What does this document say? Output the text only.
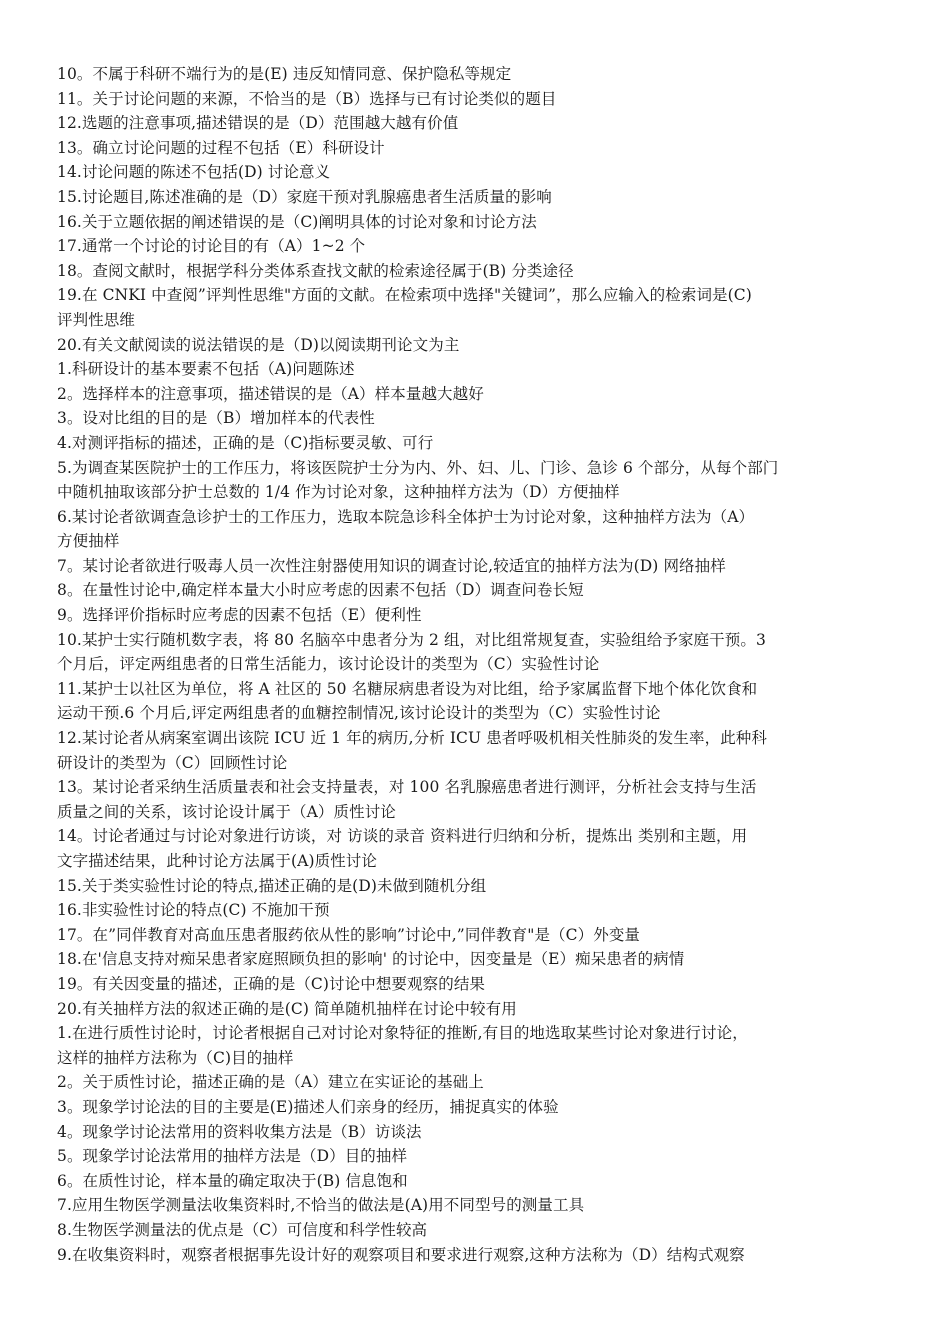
10。不属于科研不端行为的是(E) 违反知情同意、保护隐私等规定
11。关于讨论问题的来源，不恰当的是（B）选择与已有讨论类似的题目
12.选题的注意事项,描述错误的是（D）范围越大越有价值
13。确立讨论问题的过程不包括（E）科研设计
14.讨论问题的陈述不包括(D) 讨论意义
15.讨论题目,陈述准确的是（D）家庭干预对乳腺癌患者生活质量的影响
16.关于立题依据的阐述错误的是（C)阐明具体的讨论对象和讨论方法
17.通常一个讨论的讨论目的有（A）1~2 个
18。查阅文献时，根据学科分类体系查找文献的检索途径属于(B) 分类途径
19.在 CNKI 中查阅”评判性思维"方面的文献。在检索项中选择"关键词”，那么应输入的检索词是(C)
评判性思维
20.有关文献阅读的说法错误的是（D)以阅读期刊论文为主
1.科研设计的基本要素不包括（A)问题陈述
2。选择样本的注意事项，描述错误的是（A）样本量越大越好
3。设对比组的目的是（B）增加样本的代表性
4.对测评指标的描述，正确的是（C)指标要灵敏、可行
5.为调查某医院护士的工作压力，将该医院护士分为内、外、妇、儿、门诊、急诊 6 个部分，从每个部门
中随机抽取该部分护士总数的 1/4 作为讨论对象，这种抽样方法为（D）方便抽样
6.某讨论者欲调查急诊护士的工作压力，选取本院急诊科全体护士为讨论对象，这种抽样方法为（A）
方便抽样
7。某讨论者欲进行吸毒人员一次性注射器使用知识的调查讨论,较适宜的抽样方法为(D) 网络抽样
8。在量性讨论中,确定样本量大小时应考虑的因素不包括（D）调查问卷长短
9。选择评价指标时应考虑的因素不包括（E）便利性
10.某护士实行随机数字表，将 80 名脑卒中患者分为 2 组，对比组常规复查，实验组给予家庭干预。3
个月后，评定两组患者的日常生活能力，该讨论设计的类型为（C）实验性讨论
11.某护士以社区为单位，将 A 社区的 50 名糖尿病患者设为对比组，给予家属监督下地个体化饮食和
运动干预.6 个月后,评定两组患者的血糖控制情况,该讨论设计的类型为（C）实验性讨论
12.某讨论者从病案室调出该院 ICU 近 1 年的病历,分析 ICU 患者呼吸机相关性肺炎的发生率，此种科
研设计的类型为（C）回顾性讨论
13。某讨论者采纳生活质量表和社会支持量表，对 100 名乳腺癌患者进行测评，分析社会支持与生活
质量之间的关系，该讨论设计属于（A）质性讨论
14。讨论者通过与讨论对象进行访谈，对 访谈的录音 资料进行归纳和分析，提炼出 类别和主题，用
文字描述结果，此种讨论方法属于(A)质性讨论
15.关于类实验性讨论的特点,描述正确的是(D)未做到随机分组
16.非实验性讨论的特点(C) 不施加干预
17。在”同伴教育对高血压患者服药依从性的影响”讨论中,”同伴教育"是（C）外变量
18.在'信息支持对痴呆患者家庭照顾负担的影响' 的讨论中，因变量是（E）痴呆患者的病情
19。有关因变量的描述，正确的是（C)讨论中想要观察的结果
20.有关抽样方法的叙述正确的是(C) 简单随机抽样在讨论中较有用
1.在进行质性讨论时，讨论者根据自己对讨论对象特征的推断,有目的地选取某些讨论对象进行讨论，
这样的抽样方法称为（C)目的抽样
2。关于质性讨论，描述正确的是（A）建立在实证论的基础上
3。现象学讨论法的目的主要是(E)描述人们亲身的经历，捕捉真实的体验
4。现象学讨论法常用的资料收集方法是（B）访谈法
5。现象学讨论法常用的抽样方法是（D）目的抽样
6。在质性讨论，样本量的确定取决于(B) 信息饱和
7.应用生物医学测量法收集资料时,不恰当的做法是(A)用不同型号的测量工具
8.生物医学测量法的优点是（C）可信度和科学性较高
9.在收集资料时，观察者根据事先设计好的观察项目和要求进行观察,这种方法称为（D）结构式观察
